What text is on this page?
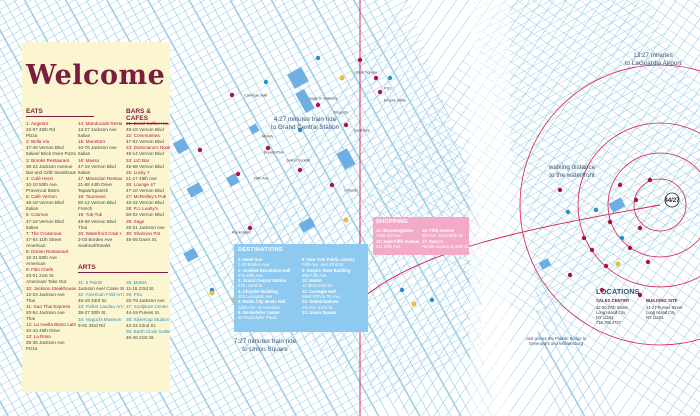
44/27
Carnegie Hall
Sage & Gateway
Union Square
Bryant Park
Grand Central
Chrysler
Empire State
Sculpture
Fifth Ave
Rockefeller
Noguchi
MoMA
PS1
Welcome
EATS
1: Angela's
22-07 45th Rd
Pizza
2: Bella Via
47-46 Vernon Blvd
Italian/ Brick Oven Pizza
3: Brooks Restaurant
36-24 Jackson Avenue
Bar and Grill/ Steakhouse
4: Café Henri
10-10 50th Ave.
Provencal Bistro
5: Café Vernon
46-18 Vernon Blvd
Italian
6: Cosmos
47-18 Vernon Blvd
Italian
7: The Crossroad
47-54 11th Street
American
8: Dorian Restaurant
10-31 50th Ave
American
9: Film Chefs
43-01 21st St.
American/ Take Out
10: Jackson Steakhouse
12-23 Jackson Ave
Thai
11: Gao Thai Express
20-54 Jackson Ave
Thai
12: La Vuelta Bistro Latino
10-43 45th Drive
13: La Rosa
25-36 Jackson Ave
Pizza
14: Manducatis Resta
13-27 Jackson Ave
Italian
15: Manetta's
10-76 Jackson Ave
Italian
16: Masso
47-19 Vernon Blvd
Italian
17: Mirasolan Restau
21-68 44th Drive
Tapas/Spanish
18: Tournesol
50-12 Vernon Blvd
French
19: Tuk-Tuk
49-06 Vernon Blvd
Thai
20: Waterfront Crab H
2-03 Borden Ave
Seafood/Steaks
BARS & CAFES
21: Brasil Coffee House
48-18 Vernon Blvd
22: Communitea
47-02 Vernon Blvd
23: Domiciano's Nook
49-14 Vernon Blvd
24: LIC Bar
45-58 Vernon Blvd
25: Lucky 7
21-17 49th Ave
26: Lounge 47
47-10 Vernon Blvd
27: McReilley's Pub
46-42 Vernon Blvd
28: P.J. Leahy's
50-02 Vernon Blvd
29: Sage
26-21 Jackson Ave
30: Shannon Pot
45-06 Davis St.
ARTS
31: 5 Pointz
Jackson Ave/ Crane St.
32: American Fold Art
45-18 33rd St.
33: Fisher Landau Art
38-27 30th St.
34: Noguchi Museum
9-01 33rd Rd
35: MoMA
11-18 23rd St.
36: PS1
25-79 Jackson Ave
37: Sculpture Center
44-19 Purves St.
38: Silvercup Studios
42-22 22nd St.
39: Earth Clock Gallery
45-48 21st St.
4:27 minutes train ride
to Grand Central Station
13:27 minutes
to LaGuardia Airport
walking distance
to the waterfront
7:27 minutes train ride
to Union Square
DESTINATIONS
1: Hotel Sun
2-03 Borden Ave.
2: Guilded Revolution Hall
475 48th Ave.
3: Grand Central Station
87E. 42nd St.
4: Chrysler Building
405 Lexington Ave
5: Radio City Music Hall
1260 Ave. of Americas
6: Rockefeller Center
30 Rockefeller Plaza
8: New York Public Library
Fifth Ave. and 42nd St.
9: Empire State Building
350 Fifth Ave.
10: MoMA
11 West 53rd St.
11: Carnegie Hall
West 57th & 7th Ave.
12: United Nations
1st Ave. 42nd St.
13: Union Square
SHOPPING
14: Bloomingdales
1000 3rd Ave.
15: Saks Fifth Avenue
611 Fifth Ave.
16: Fifth Avenue
5th Ave. 42nd-60th St.
17: Macy's
Herald Square at 34th St.
LOCATIONS
SALES CENTER
42-50 27th Street
Long Island City
NY 11101
718.786.4727
BUILDING SITE
44-27 Purves Street
Long Island City
NY 11101
Just across the Pulaski Bridge to
Greenpoint and Williamsburg
